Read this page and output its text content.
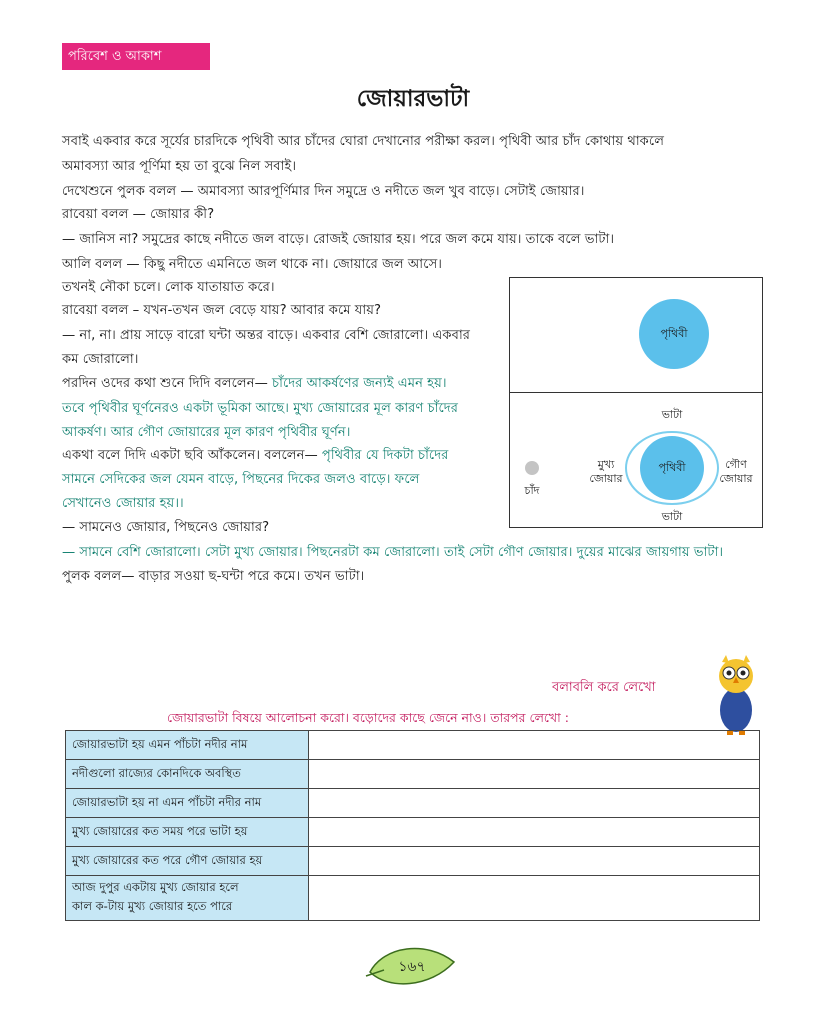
পরিবেশ ও আকাশ
জোয়ারভাটা
সবাই একবার করে সূর্যের চারদিকে পৃথিবী আর চাঁদের ঘোরা দেখানোর পরীক্ষা করল। পৃথিবী আর চাঁদ কোথায় থাকলে
অমাবস্যা আর পূর্ণিমা হয় তা বুঝে নিল সবাই।
দেখেশুনে পুলক বলল — অমাবস্যা আরপূর্ণিমার দিন সমুদ্রে ও নদীতে জল খুব বাড়ে। সেটাই জোয়ার।
রাবেয়া বলল — জোয়ার কী?
— জানিস না? সমুদ্রের কাছে নদীতে জল বাড়ে। রোজই জোয়ার হয়। পরে জল কমে যায়। তাকে বলে ভাটা।
আলি বলল — কিছু নদীতে এমনিতে জল থাকে না। জোয়ারে জল আসে।
তখনই নৌকা চলে। লোক যাতায়াত করে।
রাবেয়া বলল – যখন-তখন জল বেড়ে যায়? আবার কমে যায়?
— না, না। প্রায় সাড়ে বারো ঘন্টা অন্তর বাড়ে। একবার বেশি জোরালো। একবার
কম জোরালো।
পরদিন ওদের কথা শুনে দিদি বললেন— চাঁদের আকর্ষণের জন্যই এমন হয়।
তবে পৃথিবীর ঘূর্ণনেরও একটা ভূমিকা আছে। মুখ্য জোয়ারের মূল কারণ চাঁদের
আকর্ষণ। আর গৌণ জোয়ারের মূল কারণ পৃথিবীর ঘূর্ণন।
একথা বলে দিদি একটা ছবি আঁকলেন। বললেন— পৃথিবীর যে দিকটা চাঁদের
সামনে সেদিকের জল যেমন বাড়ে, পিছনের দিকের জলও বাড়ে। ফলে
সেখানেও জোয়ার হয়।।
— সামনেও জোয়ার, পিছনেও জোয়ার?
— সামনে বেশি জোরালো। সেটা মুখ্য জোয়ার। পিছনেরটা কম জোরালো। তাই সেটা গৌণ জোয়ার। দুয়ের মাঝের জায়গায় ভাটা।
পুলক বলল— বাড়ার সওয়া ছ-ঘন্টা পরে কমে। তখন ভাটা।
পৃথিবী
পৃথিবী
ভাটা
ভাটা
মুখ্য
জোয়ার
গৌণ
জোয়ার
চাঁদ
বলাবলি করে লেখো
জোয়ারভাটা বিষয়ে আলোচনা করো। বড়োদের কাছে জেনে নাও। তারপর লেখো :
জোয়ারভাটা হয় এমন পাঁচটা নদীর নাম	
নদীগুলো রাজ্যের কোনদিকে অবস্থিত	
জোয়ারভাটা হয় না এমন পাঁচটা নদীর নাম	
মুখ্য জোয়ারের কত সময় পরে ভাটা হয়	
মুখ্য জোয়ারের কত পরে গৌণ জোয়ার হয়	

আজ দুপুর একটায় মুখ্য জোয়ার হলে
কাল ক-টায় মুখ্য জোয়ার হতে পারে	

১৬৭
